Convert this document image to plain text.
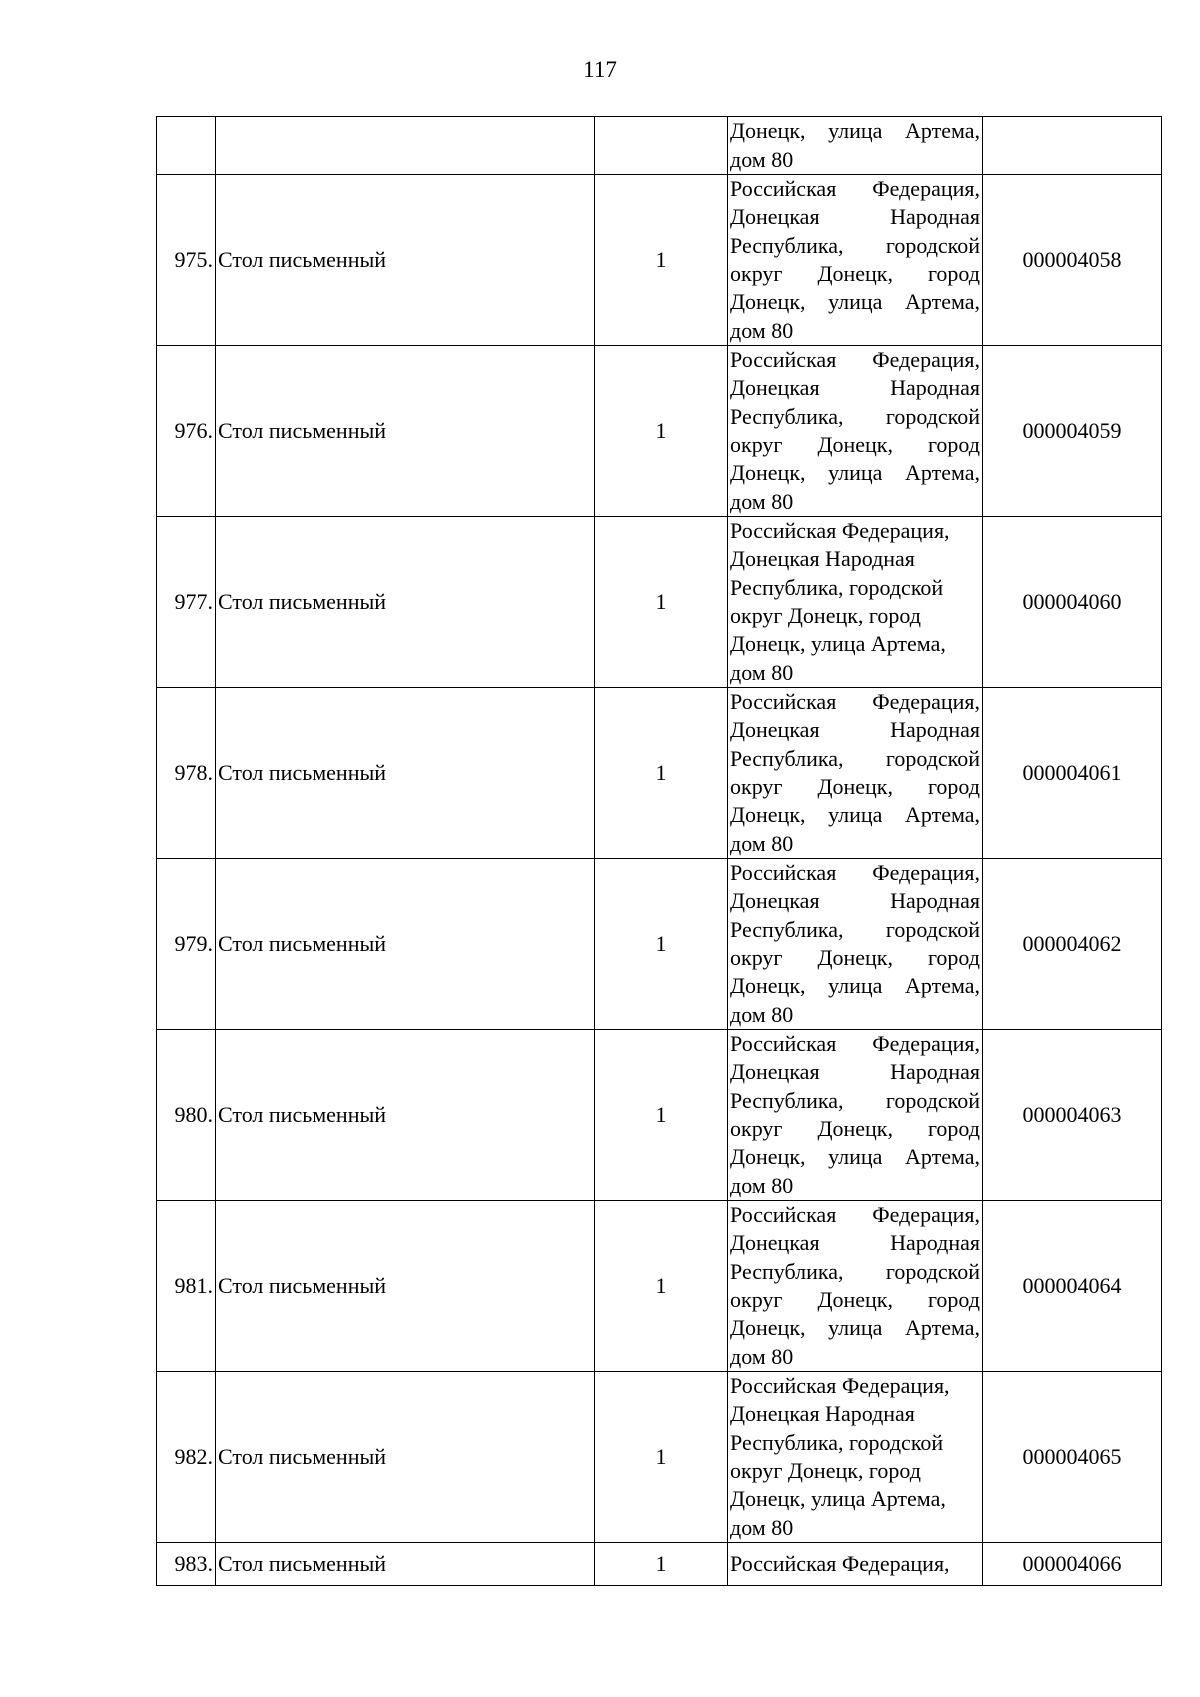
117
			Донецк, улица Артема, дом 80	
975.	Стол письменный	1	Российская Федерация, Донецкая Народная Республика, городской округ Донецк, город Донецк, улица Артема, дом 80	000004058
976.	Стол письменный	1	Российская Федерация, Донецкая Народная Республика, городской округ Донецк, город Донецк, улица Артема, дом 80	000004059
977.	Стол письменный	1	Российская Федерация, Донецкая Народная Республика, городской округ Донецк, город Донецк, улица Артема, дом 80	000004060
978.	Стол письменный	1	Российская Федерация, Донецкая Народная Республика, городской округ Донецк, город Донецк, улица Артема, дом 80	000004061
979.	Стол письменный	1	Российская Федерация, Донецкая Народная Республика, городской округ Донецк, город Донецк, улица Артема, дом 80	000004062
980.	Стол письменный	1	Российская Федерация, Донецкая Народная Республика, городской округ Донецк, город Донецк, улица Артема, дом 80	000004063
981.	Стол письменный	1	Российская Федерация, Донецкая Народная Республика, городской округ Донецк, город Донецк, улица Артема, дом 80	000004064
982.	Стол письменный	1	Российская Федерация, Донецкая Народная Республика, городской округ Донецк, город Донецк, улица Артема, дом 80	000004065
983.	Стол письменный	1	Российская Федерация,	000004066
